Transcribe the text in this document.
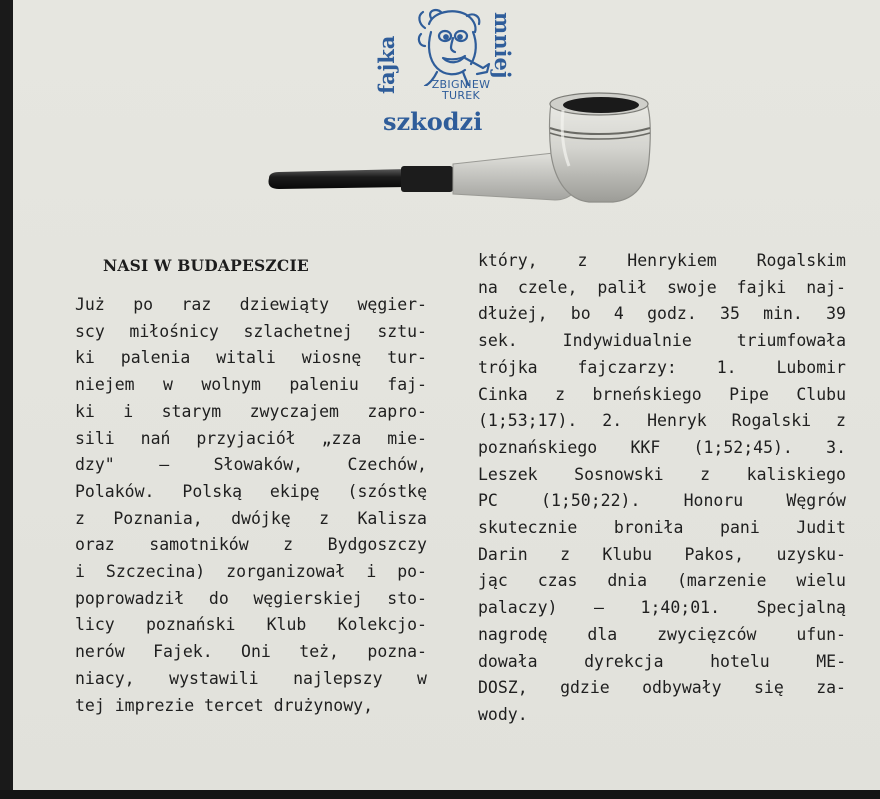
fajka	mniej
ZBIGNIEW
TUREK
szkodzi
NASI W BUDAPESZCIE
Już po raz dziewiąty węgier-
scy miłośnicy szlachetnej sztu-
ki palenia witali wiosnę tur-
niejem w wolnym paleniu faj-
ki i starym zwyczajem zapro-
sili nań przyjaciół „zza mie-
dzy" — Słowaków, Czechów,
Polaków. Polską ekipę (szóstkę
z Poznania, dwójkę z Kalisza
oraz samotników z Bydgoszczy
i Szczecina) zorganizował i po-
poprowadził do węgierskiej sto-
licy poznański Klub Kolekcjo-
nerów Fajek. Oni też, pozna-
niacy, wystawili najlepszy w
tej imprezie tercet drużynowy,
który, z Henrykiem Rogalskim
na czele, palił swoje fajki naj-
dłużej, bo 4 godz. 35 min. 39
sek. Indywidualnie triumfowała
trójka fajczarzy: 1. Lubomir
Cinka z brneńskiego Pipe Clubu
(1;53;17). 2. Henryk Rogalski z
poznańskiego KKF (1;52;45). 3.
Leszek Sosnowski z kaliskiego
PC (1;50;22). Honoru Węgrów
skutecznie broniła pani Judit
Darin z Klubu Pakos, uzysku-
jąc czas dnia (marzenie wielu
palaczy) — 1;40;01. Specjalną
nagrodę dla zwycięzców ufun-
dowała dyrekcja hotelu ME-
DOSZ, gdzie odbywały się za-
wody.
